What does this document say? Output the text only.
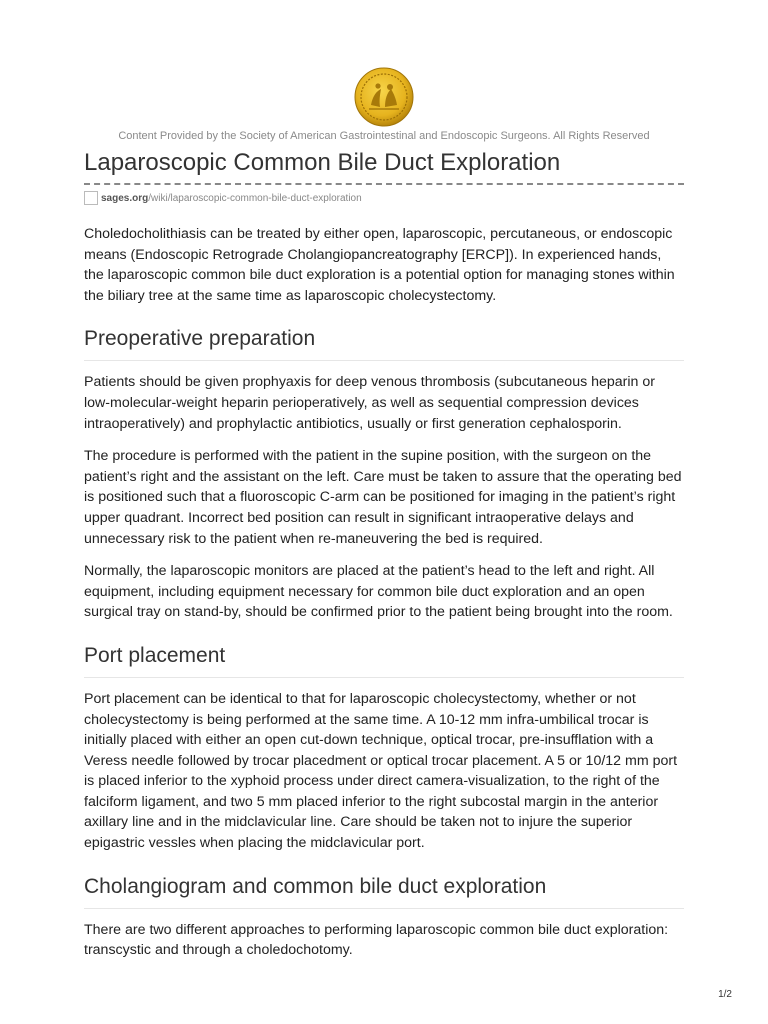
Content Provided by the Society of American Gastrointestinal and Endoscopic Surgeons. All Rights Reserved
Laparoscopic Common Bile Duct Exploration
sages.org /wiki/laparoscopic-common-bile-duct-exploration

Choledocholithiasis can be treated by either open, laparoscopic, percutaneous, or endoscopic means (Endoscopic Retrograde Cholangiopancreatography [ERCP]). In experienced hands, the laparoscopic common bile duct exploration is a potential option for managing stones within the biliary tree at the same time as laparoscopic cholecystectomy.

Preoperative preparation

Patients should be given prophyaxis for deep venous thrombosis (subcutaneous heparin or low-molecular-weight heparin perioperatively, as well as sequential compression devices intraoperatively) and prophylactic antibiotics, usually or first generation cephalosporin.

The procedure is performed with the patient in the supine position, with the surgeon on the patient’s right and the assistant on the left. Care must be taken to assure that the operating bed is positioned such that a fluoroscopic C-arm can be positioned for imaging in the patient’s right upper quadrant. Incorrect bed position can result in significant intraoperative delays and unnecessary risk to the patient when re-maneuvering the bed is required.

Normally, the laparoscopic monitors are placed at the patient’s head to the left and right. All equipment, including equipment necessary for common bile duct exploration and an open surgical tray on stand-by, should be confirmed prior to the patient being brought into the room.

Port placement

Port placement can be identical to that for laparoscopic cholecystectomy, whether or not cholecystectomy is being performed at the same time. A 10-12 mm infra-umbilical trocar is initially placed with either an open cut-down technique, optical trocar, pre-insufflation with a Veress needle followed by trocar placedment or optical trocar placement. A 5 or 10/12 mm port is placed inferior to the xyphoid process under direct camera-visualization, to the right of the falciform ligament, and two 5 mm placed inferior to the right subcostal margin in the anterior axillary line and in the midclavicular line. Care should be taken not to injure the superior epigastric vessles when placing the midclavicular port.

Cholangiogram and common bile duct exploration

There are two different approaches to performing laparoscopic common bile duct exploration: transcystic and through a choledochotomy.

1/2
